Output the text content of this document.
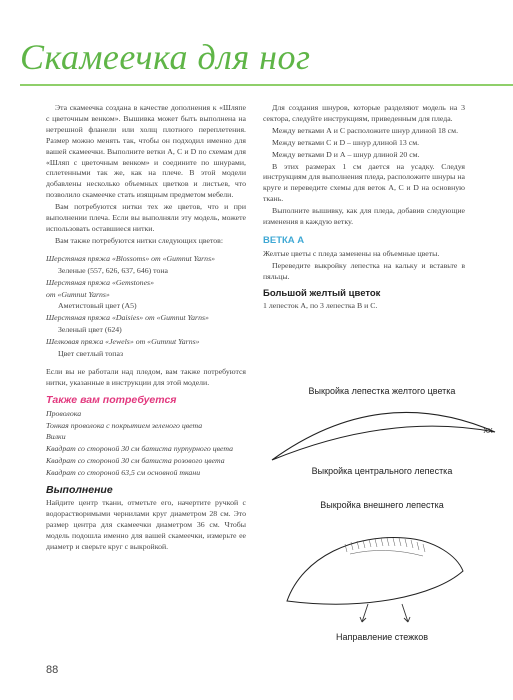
Скамеечка для ног

Эта скамеечка создана в качестве дополнения к «Шляпе с цветочным венком». Вышивка может быть выполнена на нетрешной фланели или холщ плотного переплетения. Размер можно менять так, чтобы он подходил именно для вашей скамеечки. Выполните ветки А, С и D по схемам для «Шляп с цветочным венком» и соедините по шнурами, сплетенными так же, как на плече. В этой модели добавлены несколько объемных цветков и листьев, что позволило скамеечке стать изящным предметом мебели.

Вам потребуются нитки тех же цветов, что и при выполнении плеча. Если вы выполняли эту модель, можете использовать оставшиеся нитки.

Вам также потребуются нитки следующих цветов:

Шерстяная пряжа «Blossoms» от «Gumnut Yarns»

Зеленые (557, 626, 637, 646) тона

Шерстяная пряжа «Gemstones»

от «Gumnut Yarns»

Аметистовый цвет (A5)

Шерстяная пряжа «Daisies» от «Gumnut Yarns»

Зеленый цвет (624)

Шелковая пряжа «Jewels» от «Gumnut Yarns»

Цвет светлый топаз

Если вы не работали над пледом, вам также потребуются нитки, указанные в инструкции для этой модели.

Также вам потребуется

Проволока

Тонкая проволока с покрытием зеленого цвета

Вилки

Квадрат со стороной 30 см батиста пурпурного цвета

Квадрат со стороной 30 см батиста розового цвета

Квадрат со стороной 63,5 см основной ткани

Выполнение

Найдите центр ткани, отметьте его, начертите ручкой с водорастворимыми чернилами круг диаметром 28 см. Это размер центра для скамеечки диаметром 36 см. Чтобы модель подошла именно для вашей скамеечки, измерьте ее диаметр и сверьте круг с выкройкой.

Для создания шнуров, которые разделяют модель на 3 сектора, следуйте инструкциям, приведенным для пледа.

Между ветками А и С расположите шнур длиной 18 см.

Между ветками С и D – шнур длиной 13 см.

Между ветками D и А – шнур длиной 20 см.

В этих размерах 1 см дается на усадку. Следуя инструкциям для выполнения пледа, расположите шнуры на круге и переведите схемы для веток А, С и D на основную ткань.

Выполните вышивку, как для пледа, добавив следующие изменения в каждую ветку.

ВЕТКА А

Желтые цветы с пледа заменены на объемные цветы.

Переведите выкройку лепестка на кальку и вставьте в пяльцы.

Большой желтый цветок

1 лепесток А, по 3 лепестка В и С.

Выкройка лепестка желтого цветка
XX
Выкройка центрального лепестка
Выкройка внешнего лепестка
Направление стежков
88
